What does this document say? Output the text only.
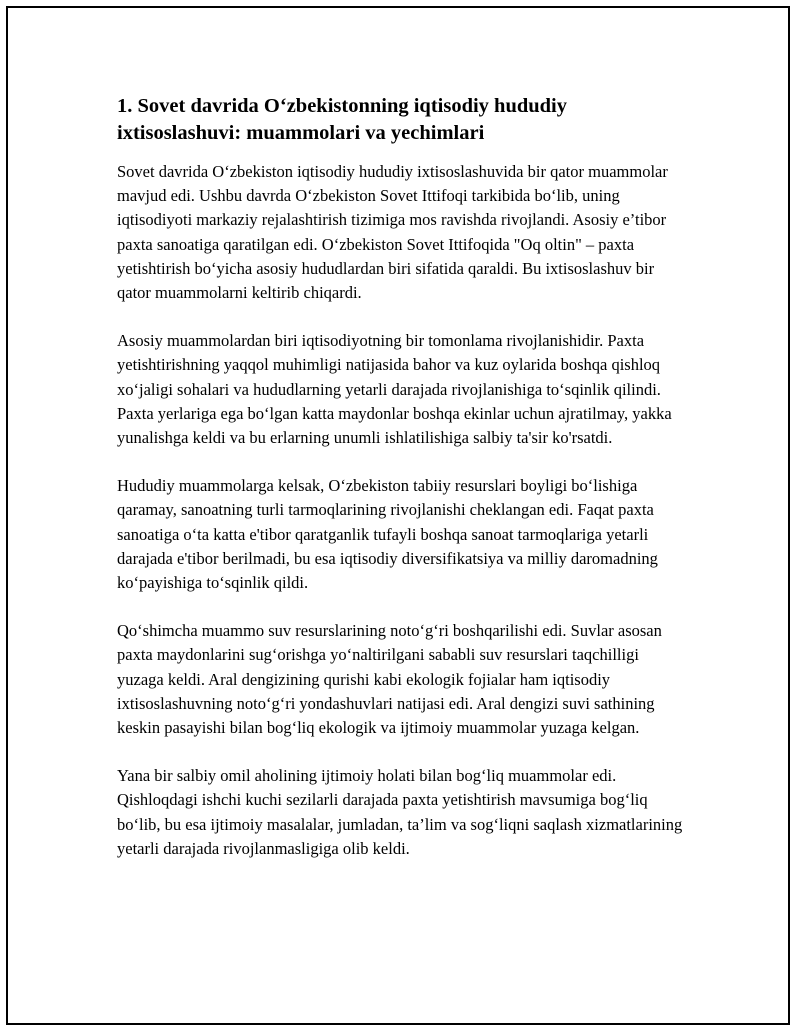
1. Sovet davrida O‘zbekistonning iqtisodiy hududiy ixtisoslashuvi: muammolari va yechimlari

Sovet davrida O‘zbekiston iqtisodiy hududiy ixtisoslashuvida bir qator muammolar mavjud edi. Ushbu davrda O‘zbekiston Sovet Ittifoqi tarkibida bo‘lib, uning iqtisodiyoti markaziy rejalashtirish tizimiga mos ravishda rivojlandi. Asosiy e’tibor paxta sanoatiga qaratilgan edi. O‘zbekiston Sovet Ittifoqida "Oq oltin" – paxta yetishtirish bo‘yicha asosiy hududlardan biri sifatida qaraldi. Bu ixtisoslashuv bir qator muammolarni keltirib chiqardi.

Asosiy muammolardan biri iqtisodiyotning bir tomonlama rivojlanishidir. Paxta yetishtirishning yaqqol muhimligi natijasida bahor va kuz oylarida boshqa qishloq xo‘jaligi sohalari va hududlarning yetarli darajada rivojlanishiga to‘sqinlik qilindi. Paxta yerlariga ega bo‘lgan katta maydonlar boshqa ekinlar uchun ajratilmay, yakka yunalishga keldi va bu erlarning unumli ishlatilishiga salbiy ta'sir ko'rsatdi.

Hududiy muammolarga kelsak, O‘zbekiston tabiiy resurslari boyligi bo‘lishiga qaramay, sanoatning turli tarmoqlarining rivojlanishi cheklangan edi. Faqat paxta sanoatiga o‘ta katta e'tibor qaratganlik tufayli boshqa sanoat tarmoqlariga yetarli darajada e'tibor berilmadi, bu esa iqtisodiy diversifikatsiya va milliy daromadning ko‘payishiga to‘sqinlik qildi.

Qo‘shimcha muammo suv resurslarining noto‘g‘ri boshqarilishi edi. Suvlar asosan paxta maydonlarini sug‘orishga yo‘naltirilgani sababli suv resurslari taqchilligi yuzaga keldi. Aral dengizining qurishi kabi ekologik fojialar ham iqtisodiy ixtisoslashuvning noto‘g‘ri yondashuvlari natijasi edi. Aral dengizi suvi sathining keskin pasayishi bilan bog‘liq ekologik va ijtimoiy muammolar yuzaga kelgan.

Yana bir salbiy omil aholining ijtimoiy holati bilan bog‘liq muammolar edi. Qishloqdagi ishchi kuchi sezilarli darajada paxta yetishtirish mavsumiga bog‘liq bo‘lib, bu esa ijtimoiy masalalar, jumladan, ta’lim va sog‘liqni saqlash xizmatlarining yetarli darajada rivojlanmasligiga olib keldi.
